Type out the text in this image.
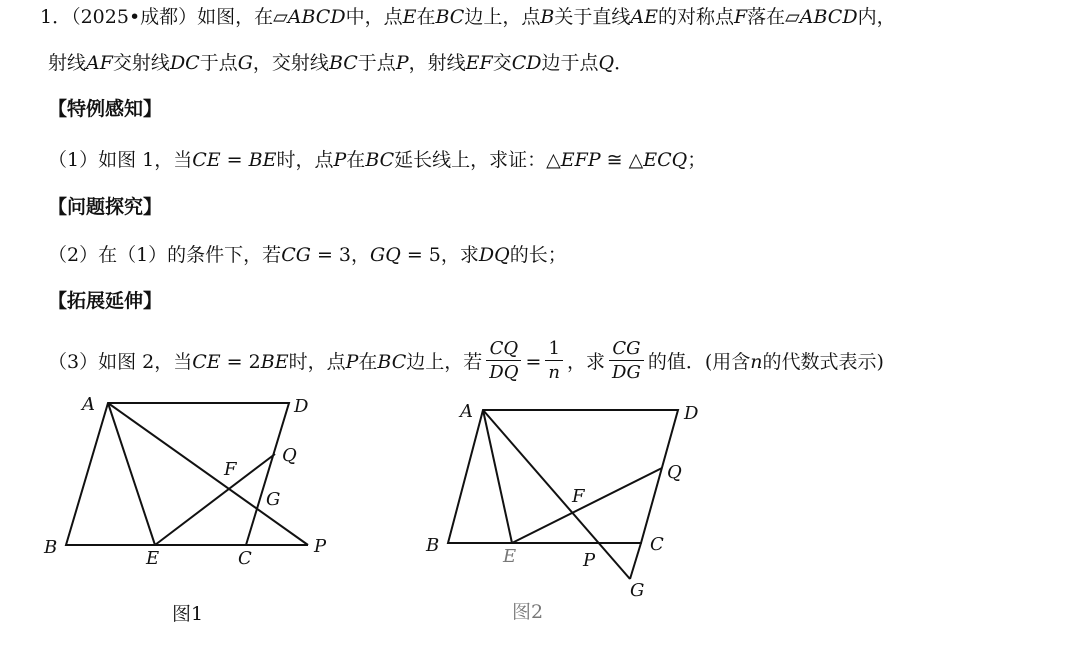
1．（2025•成都）如图，在▱ABCD中，点E在BC边上，点B关于直线AE的对称点F落在▱ABCD内，
射线AF交射线DC于点G，交射线BC于点P，射线EF交CD边于点Q．
【特例感知】
（1）如图 1，当CE = BE时，点P在BC延长线上，求证：△EFP ≅ △ECQ；
【问题探究】
（2）在（1）的条件下，若CG = 3，GQ = 5，求DQ的长；
【拓展延伸】
（3）如图 2，当CE = 2BE时，点P在BC边上，若 $\frac{CQ}{DQ} = \frac{1}{n}$ ，求 $\frac{CG}{DG}$ 的值．(用含n的代数式表示)
A	D
Q
F
G
B
E	C
P
图1
A	D
Q
F
B
E
C
P
G
图2
